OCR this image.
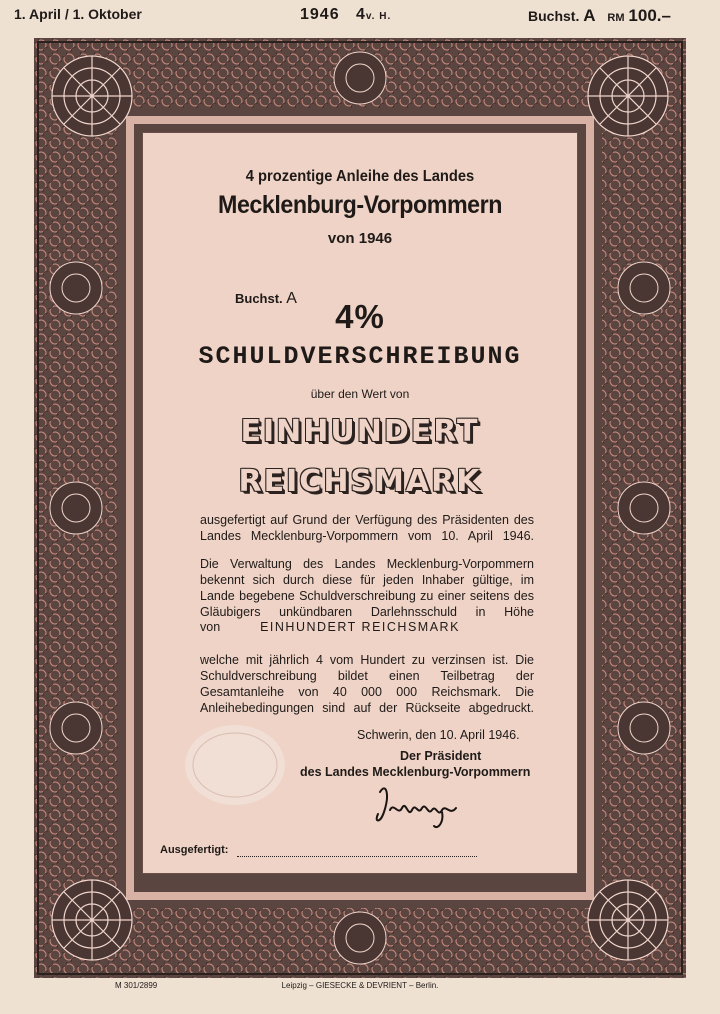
1. April / 1. Oktober	1946 4v. H.	Buchst. A RM 100.–
4 prozentige Anleihe des Landes
Mecklenburg-Vorpommern
von 1946
Buchst. A	4%
SCHULDVERSCHREIBUNG
über den Wert von
EINHUNDERT
REICHSMARK
ausgefertigt auf Grund der Verfügung des Präsidenten des Landes Mecklenburg-Vorpommern vom 10. April 1946.
Die Verwaltung des Landes Mecklenburg-Vorpommern bekennt sich durch diese für jeden Inhaber gültige, im Lande begebene Schuldverschreibung zu einer seitens des Gläubigers unkündbaren Darlehnsschuld in Höhe
von	EINHUNDERT REICHSMARK
welche mit jährlich 4 vom Hundert zu verzinsen ist. Die Schuldverschreibung bildet einen Teilbetrag der Gesamtanleihe von 40 000 000 Reichsmark. Die Anleihebedingungen sind auf der Rückseite abgedruckt.
Schwerin, den 10. April 1946.
Der Präsident
des Landes Mecklenburg-Vorpommern
Ausgefertigt:
M 301/2899	Leipzig – GIESECKE & DEVRIENT – Berlin.
